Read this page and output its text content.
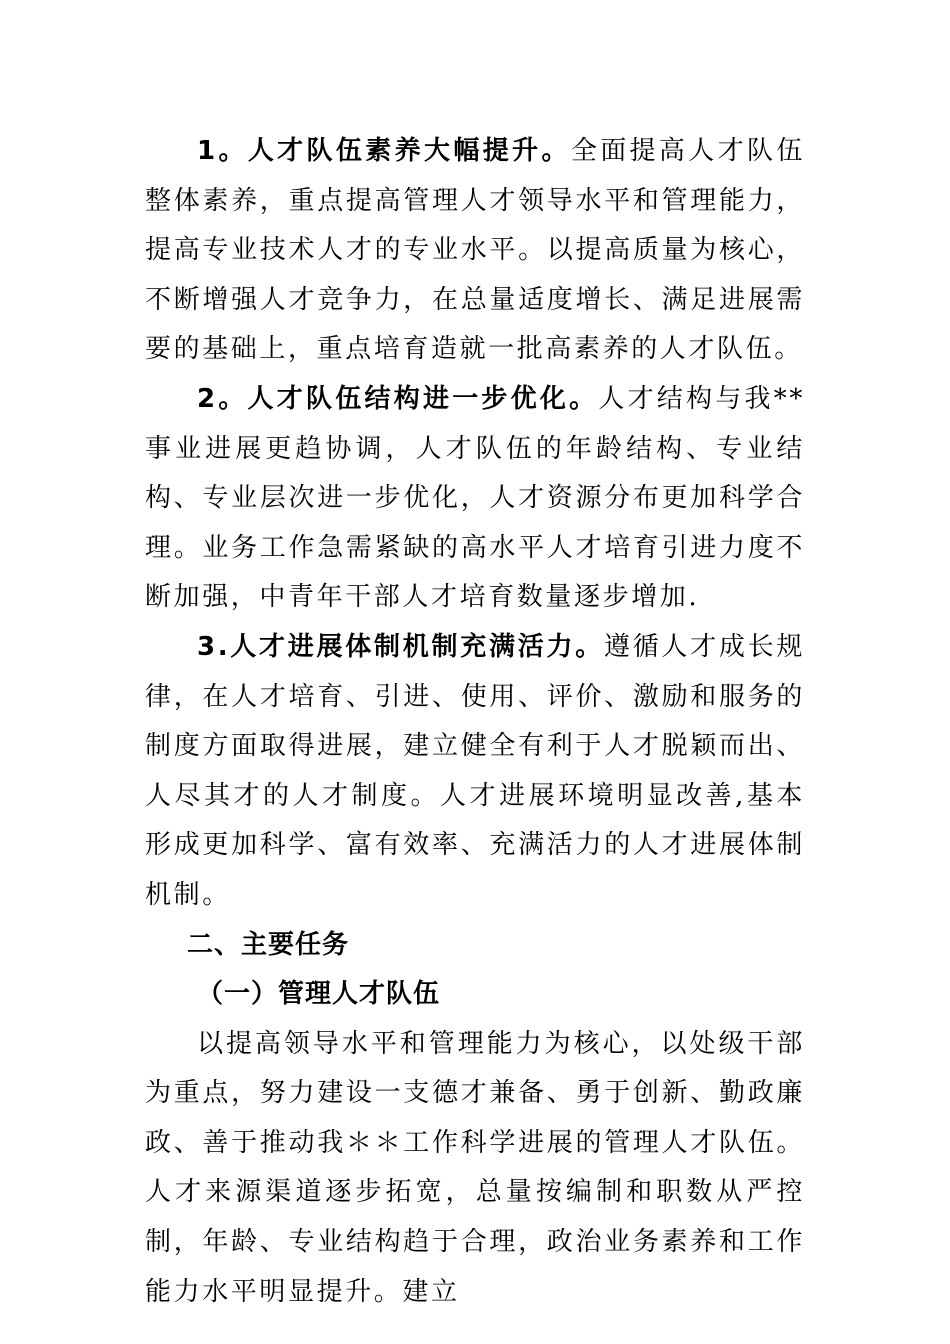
1。人才队伍素养大幅提升。全面提高人才队伍整体素养，重点提高管理人才领导水平和管理能力，提高专业技术人才的专业水平。以提高质量为核心，不断增强人才竞争力，在总量适度增长、满足进展需要的基础上，重点培育造就一批高素养的人才队伍。

2。人才队伍结构进一步优化。人才结构与我**事业进展更趋协调，人才队伍的年龄结构、专业结构、专业层次进一步优化，人才资源分布更加科学合理。业务工作急需紧缺的高水平人才培育引进力度不断加强，中青年干部人才培育数量逐步增加.

3.人才进展体制机制充满活力。遵循人才成长规律，在人才培育、引进、使用、评价、激励和服务的制度方面取得进展，建立健全有利于人才脱颖而出、人尽其才的人才制度。人才进展环境明显改善,基本形成更加科学、富有效率、充满活力的人才进展体制机制。

二、主要任务

（一）管理人才队伍

以提高领导水平和管理能力为核心，以处级干部为重点，努力建设一支德才兼备、勇于创新、勤政廉政、善于推动我＊＊工作科学进展的管理人才队伍。人才来源渠道逐步拓宽，总量按编制和职数从严控制，年龄、专业结构趋于合理，政治业务素养和工作能力水平明显提升。建立
